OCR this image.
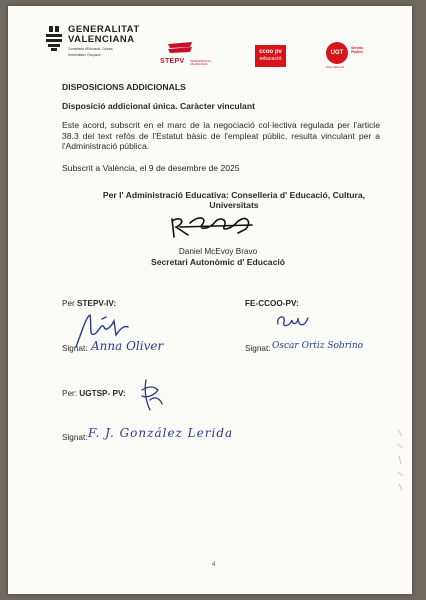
GENERALITAT
VALENCIANA
Conselleria d'Educació, Cultura,
Universitats i Ocupació
STEPV INTERSINDICAL VALENCIANA
ccoo pv
educació
UGT
Serveis Públics
País Valencià
DISPOSICIONS ADDICIONALS
Disposició addicional única. Caràcter vinculant
Este acord, subscrit en el marc de la negociació col·lectiva regulada per l'article 38.3 del text refós de l'Estatut bàsic de l'empleat públic, resulta vinculant per a l'Administració pública.
Subscrit a València, el 9 de desembre de 2025
Per l' Administració Educativa: Conselleria d' Educació, Cultura, Universitats
Daniel McEvoy Bravo
Secretari Autonòmic d' Educació
Per STEPV-IV:
Signat: Anna Oliver
FE-CCOO-PV:
Signat: Oscar Ortiz Sobrino
Per: UGTSP- PV:
Signat: F. J. González Lerida
4
